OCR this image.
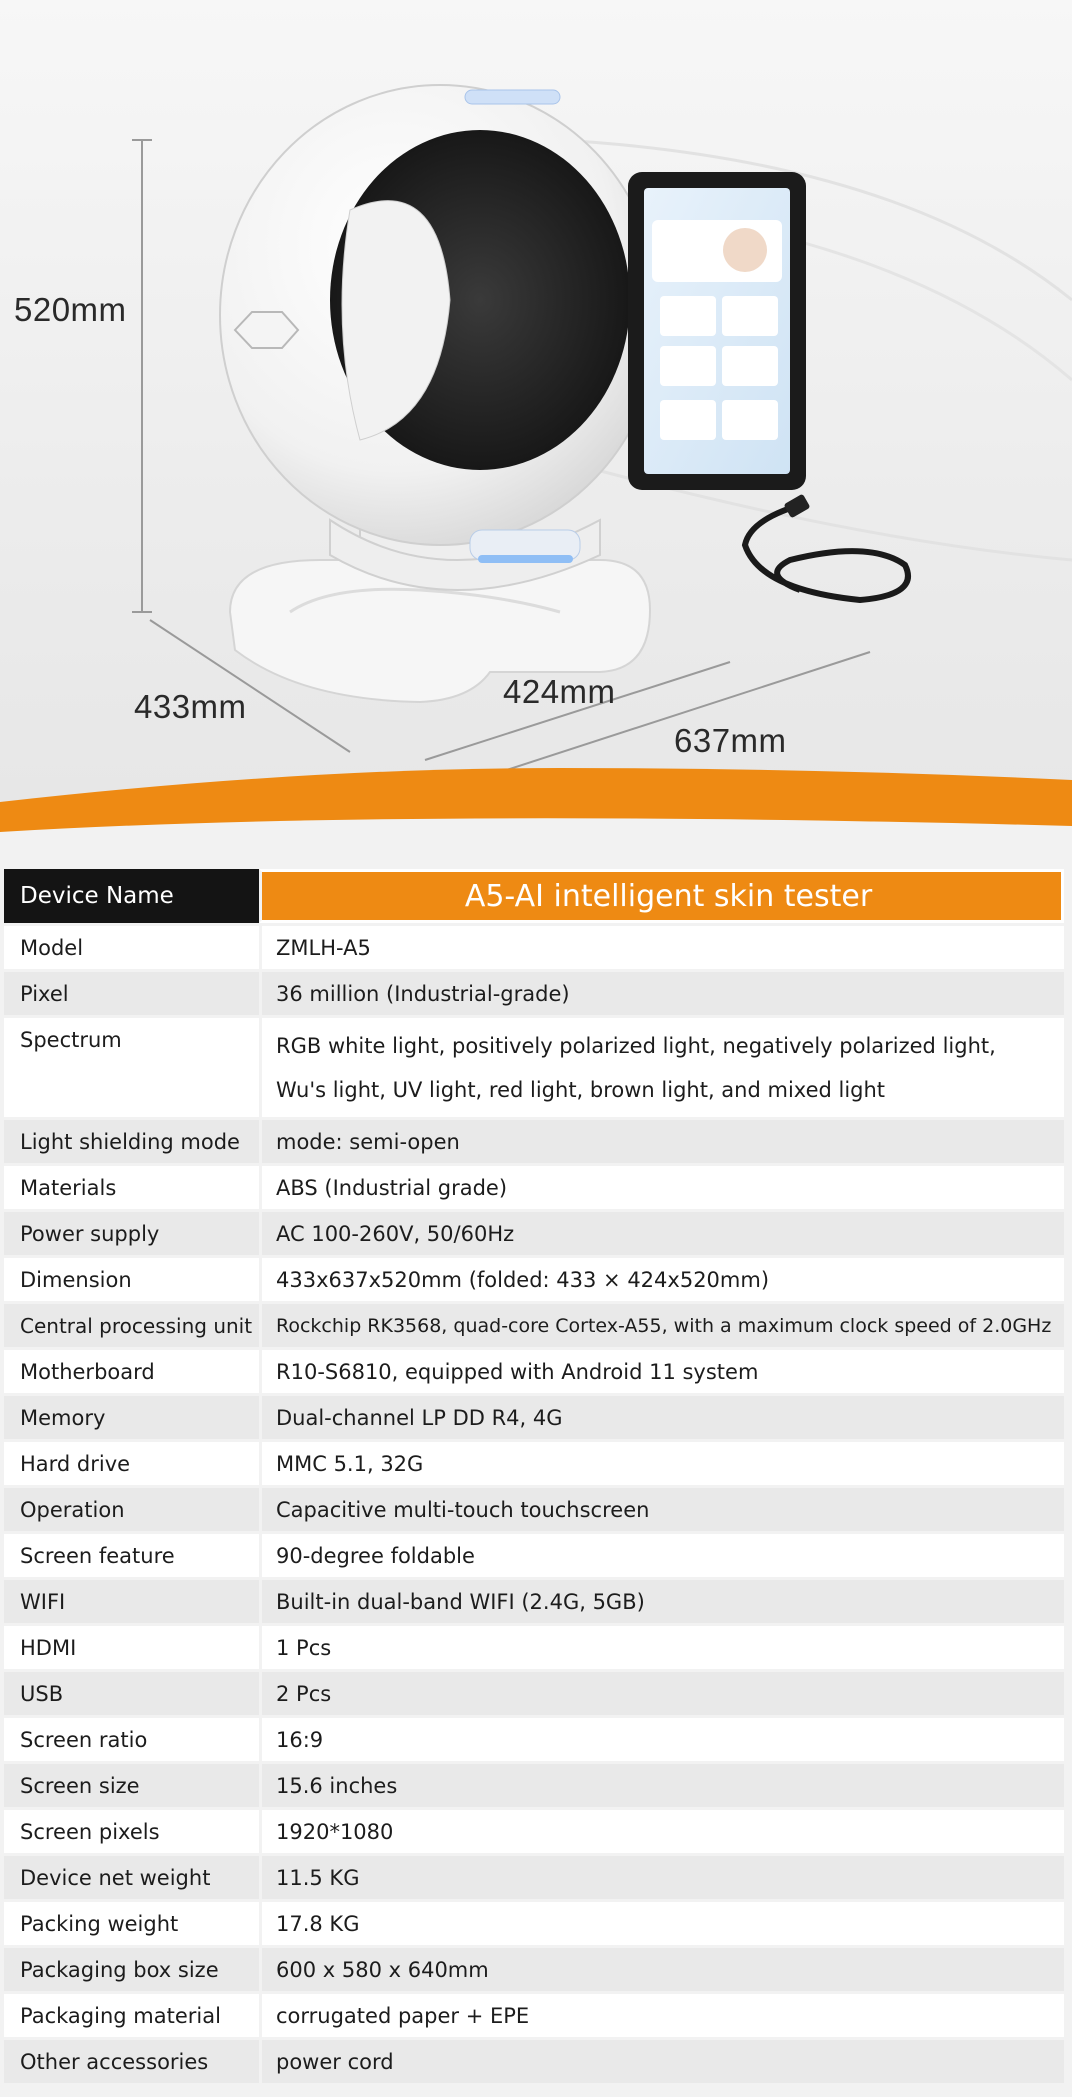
520mm
433mm	424mm
637mm
Device Name	A5-AI intelligent skin tester
Model	ZMLH-A5
Pixel	36 million (Industrial-grade)
Spectrum	RGB white light, positively polarized light, negatively polarized light,
Wu's light, UV light, red light, brown light, and mixed light
Light shielding mode	mode: semi-open
Materials	ABS (Industrial grade)
Power supply	AC 100-260V, 50/60Hz
Dimension	433x637x520mm (folded: 433 × 424x520mm)
Central processing unit	Rockchip RK3568, quad-core Cortex-A55, with a maximum clock speed of 2.0GHz
Motherboard	R10-S6810, equipped with Android 11 system
Memory	Dual-channel LP DD R4, 4G
Hard drive	MMC 5.1, 32G
Operation	Capacitive multi-touch touchscreen
Screen feature	90-degree foldable
WIFI	Built-in dual-band WIFI (2.4G, 5GB)
HDMI	1 Pcs
USB	2 Pcs
Screen ratio	16:9
Screen size	15.6 inches
Screen pixels	1920*1080
Device net weight	11.5 KG
Packing weight	17.8 KG
Packaging box size	600 x 580 x 640mm
Packaging material	corrugated paper + EPE
Other accessories	power cord
